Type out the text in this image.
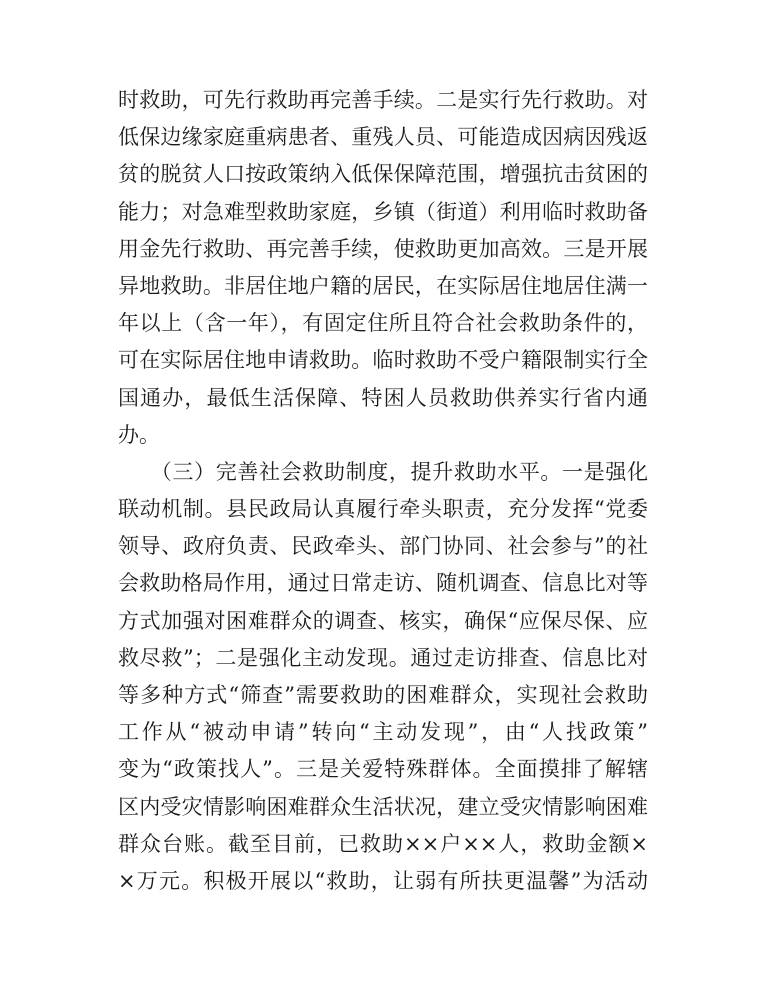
时救助，可先行救助再完善手续。二是实行先行救助。对
低保边缘家庭重病患者、重残人员、可能造成因病因残返
贫的脱贫人口按政策纳入低保保障范围，增强抗击贫困的
能力；对急难型救助家庭，乡镇（街道）利用临时救助备
用金先行救助、再完善手续，使救助更加高效。三是开展
异地救助。非居住地户籍的居民，在实际居住地居住满一
年以上（含一年），有固定住所且符合社会救助条件的，
可在实际居住地申请救助。临时救助不受户籍限制实行全
国通办，最低生活保障、特困人员救助供养实行省内通
办。
　　（三）完善社会救助制度，提升救助水平。一是强化
联动机制。县民政局认真履行牵头职责，充分发挥“党委
领导、政府负责、民政牵头、部门协同、社会参与”的社
会救助格局作用，通过日常走访、随机调查、信息比对等
方式加强对困难群众的调查、核实，确保“应保尽保、应
救尽救”；二是强化主动发现。通过走访排查、信息比对
等多种方式“筛查”需要救助的困难群众，实现社会救助
工作从“被动申请”转向“主动发现”，由“人找政策”
变为“政策找人”。三是关爱特殊群体。全面摸排了解辖
区内受灾情影响困难群众生活状况，建立受灾情影响困难
群众台账。截至目前，已救助××户××人，救助金额×
×万元。积极开展以“救助，让弱有所扶更温馨”为活动
